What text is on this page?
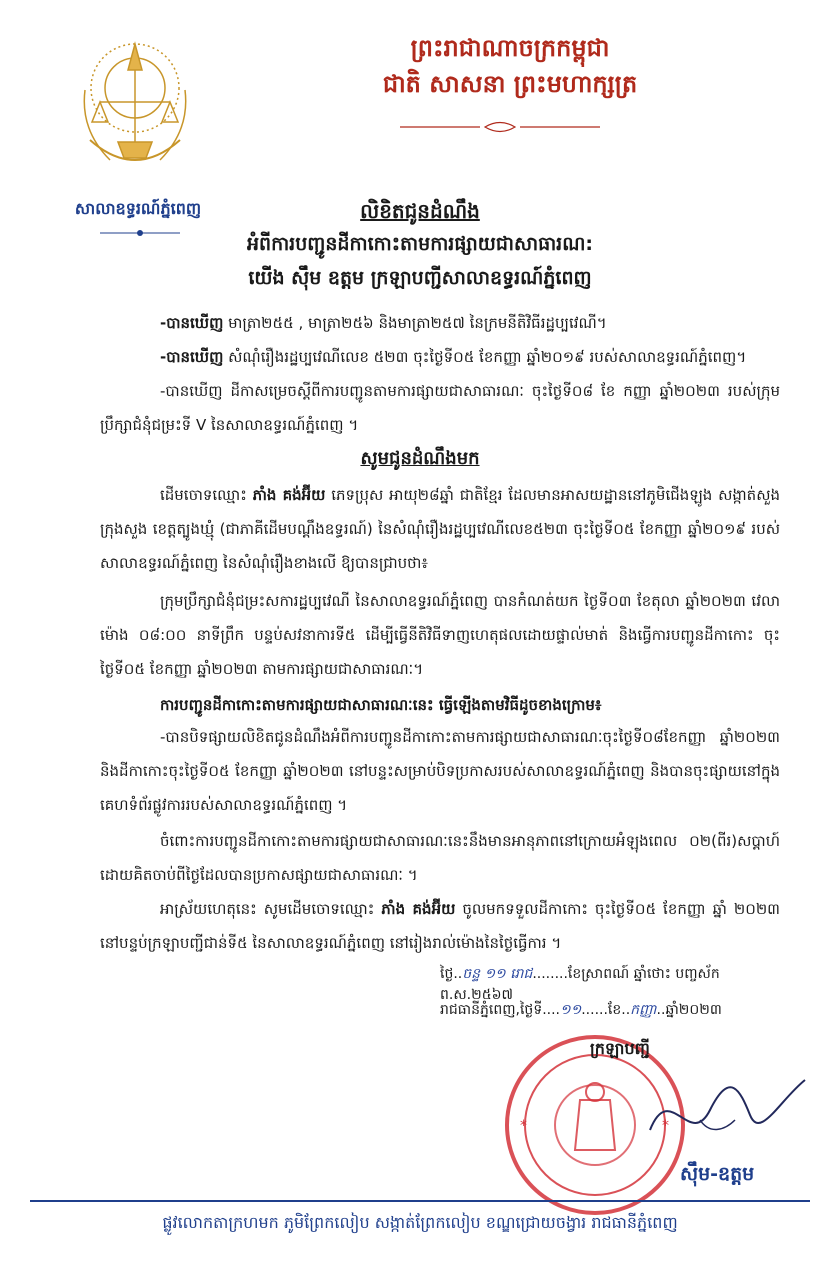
សាលាឧទ្ធរណ៍ភ្នំពេញ
ព្រះរាជាណាចក្រកម្ពុជា
ជាតិ សាសនា ព្រះមហាក្សត្រ
លិខិតជូនដំណឹង
អំពីការបញ្ជូនដីកាកោះតាមការផ្សាយជាសាធារណ:
យើង ស៊ឹម ឧត្តម ក្រឡាបញ្ជីសាលាឧទ្ធរណ៍ភ្នំពេញ
-បានឃើញ មាត្រា២៥៥ , មាត្រា២៥៦ និងមាត្រា២៥៧ នៃក្រមនីតិវិធីរដ្ឋប្បវេណី។
-បានឃើញ សំណុំរឿងរដ្ឋប្បវេណីលេខ ៥២៣ ចុះថ្ងៃទី០៥ ខែកញ្ញា ឆ្នាំ២០១៩ របស់សាលាឧទ្ធរណ៍ភ្នំពេញ។
-បានឃើញ ដីកាសម្រេចស្តីពីការបញ្ជូនតាមការផ្សាយជាសាធារណៈ ចុះថ្ងៃទី០៨ ខែ កញ្ញា ឆ្នាំ២០២៣ របស់ក្រុមប្រឹក្សាជំនុំជម្រះទី V នៃសាលាឧទ្ធរណ៍ភ្នំពេញ ។
សូមជូនដំណឹងមក
ដើមចោទឈ្មោះ ភាំង គង់អ៊ីយ ភេទប្រុស អាយុ២៨ឆ្នាំ ជាតិខ្មែរ ដែលមានអាសយដ្ឋាននៅភូមិជើងឡូង សង្កាត់សួង ក្រុងសួង ខេត្តត្បូងឃ្មុំ (ជាភាគីដើមបណ្តឹងឧទ្ធរណ៍) នៃសំណុំរឿងរដ្ឋប្បវេណីលេខ៥២៣ ចុះថ្ងៃទី០៥ ខែកញ្ញា ឆ្នាំ២០១៩ របស់សាលាឧទ្ធរណ៍ភ្នំពេញ នៃសំណុំរឿងខាងលើ ឱ្យបានជ្រាបថា៖
ក្រុមប្រឹក្សាជំនុំជម្រះសការដ្ឋប្បវេណី នៃសាលាឧទ្ធរណ៍ភ្នំពេញ បានកំណត់យក ថ្ងៃទី០៣ ខែតុលា ឆ្នាំ២០២៣ វេលាម៉ោង ០៨:០០ នាទីព្រឹក បន្ទប់សវនាការទី៥ ដើម្បីធ្វើនីតិវិធីទាញហេតុផលដោយផ្ទាល់មាត់ និងធ្វើការបញ្ជូនដីកាកោះ ចុះថ្ងៃទី០៥ ខែកញ្ញា ឆ្នាំ២០២៣ តាមការផ្សាយជាសាធារណៈ។
ការបញ្ជូនដីកាកោះតាមការផ្សាយជាសាធារណៈនេះ ធ្វើឡើងតាមវិធីដូចខាងក្រោម៖
-បានបិទផ្សាយលិខិតជូនដំណឹងអំពីការបញ្ជូនដីកាកោះតាមការផ្សាយជាសាធារណៈចុះថ្ងៃទី០៨ខែកញ្ញា ឆ្នាំ២០២៣ និងដីកាកោះចុះថ្ងៃទី០៥ ខែកញ្ញា ឆ្នាំ២០២៣ នៅបន្ទះសម្រាប់បិទប្រកាសរបស់សាលាឧទ្ធរណ៍ភ្នំពេញ និងបានចុះផ្សាយនៅក្នុងគេហទំព័រផ្លូវការរបស់សាលាឧទ្ធរណ៍ភ្នំពេញ ។
ចំពោះការបញ្ជូនដីកាកោះតាមការផ្សាយជាសាធារណៈនេះនឹងមានអានុភាពនៅក្រោយអំឡុងពេល ០២(ពីរ)សប្តាហ៍ ដោយគិតចាប់ពីថ្ងៃដែលបានប្រកាសផ្សាយជាសាធារណៈ ។
អាស្រ័យហេតុនេះ សូមដើមចោទឈ្មោះ ភាំង គង់អ៊ីយ ចូលមកទទួលដីកាកោះ ចុះថ្ងៃទី០៥ ខែកញ្ញា ឆ្នាំ ២០២៣ នៅបន្ទប់ក្រឡាបញ្ជីជាន់ទី៥ នៃសាលាឧទ្ធរណ៍ភ្នំពេញ នៅរៀងរាល់ម៉ោងនៃថ្ងៃធ្វើការ ។
ថ្ងៃ..ចន្ទ ១១ រោជ........ខែស្រាពណ៍ ឆ្នាំថោះ បញ្ចស័ក ព.ស.២៥៦៧
រាជធានីភ្នំពេញ,ថ្ងៃទី....១១......ខែ..កញ្ញា..ឆ្នាំ២០២៣
*	*
ក្រឡាបញ្ជី
ស៊ឹម-ឧត្តម
ផ្លូវលោកតាក្រហមក ភូមិព្រែកលៀប សង្កាត់ព្រែកលៀប ខណ្ឌជ្រោយចង្វារ រាជធានីភ្នំពេញ
